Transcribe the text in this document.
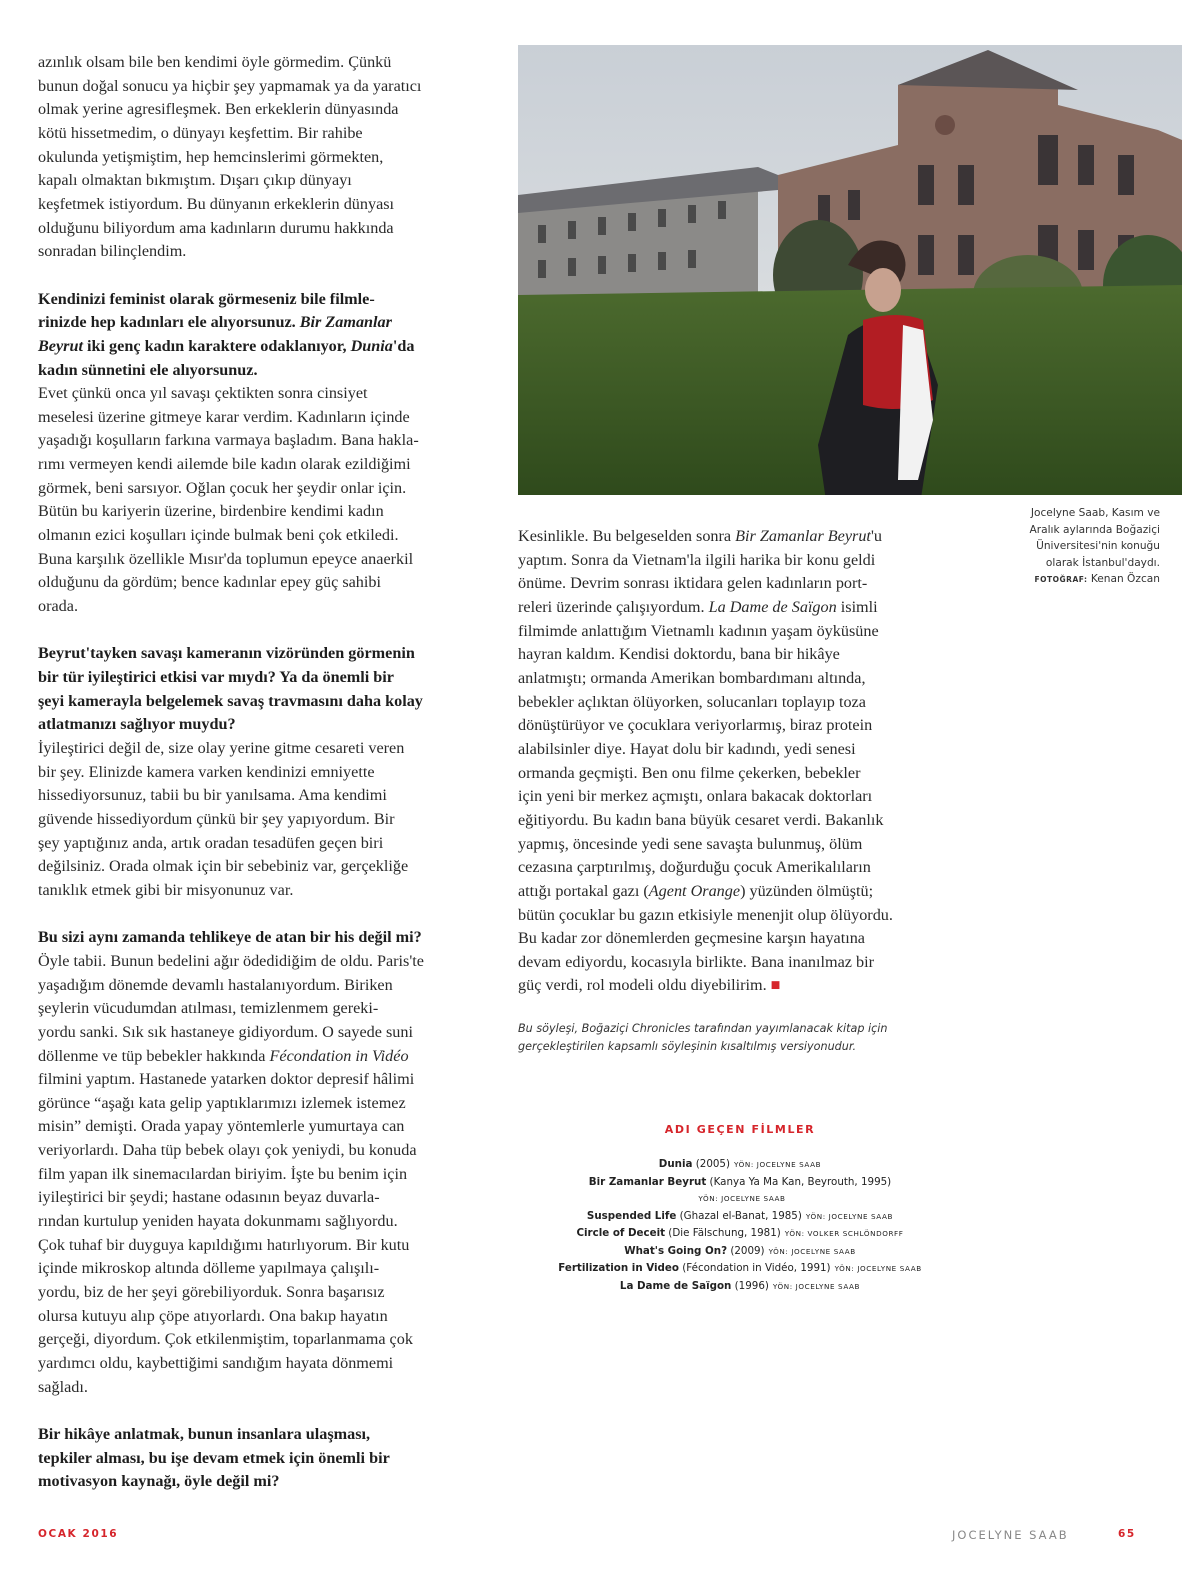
azınlık olsam bile ben kendimi öyle görmedim. Çünkü
bunun doğal sonucu ya hiçbir şey yapmamak ya da yaratıcı
olmak yerine agresifleşmek. Ben erkeklerin dünyasında
kötü hissetmedim, o dünyayı keşfettim. Bir rahibe
okulunda yetişmiştim, hep hemcinslerimi görmekten,
kapalı olmaktan bıkmıştım. Dışarı çıkıp dünyayı
keşfetmek istiyordum. Bu dünyanın erkeklerin dünyası
olduğunu biliyordum ama kadınların durumu hakkında
sonradan bilinçlendim.
Kendinizi feminist olarak görmeseniz bile filmle-
rinizde hep kadınları ele alıyorsunuz. Bir Zamanlar
Beyrut iki genç kadın karaktere odaklanıyor, Dunia'da
kadın sünnetini ele alıyorsunuz.
Evet çünkü onca yıl savaşı çektikten sonra cinsiyet
meselesi üzerine gitmeye karar verdim. Kadınların içinde
yaşadığı koşulların farkına varmaya başladım. Bana hakla-
rımı vermeyen kendi ailemde bile kadın olarak ezildiğimi
görmek, beni sarsıyor. Oğlan çocuk her şeydir onlar için.
Bütün bu kariyerin üzerine, birdenbire kendimi kadın
olmanın ezici koşulları içinde bulmak beni çok etkiledi.
Buna karşılık özellikle Mısır'da toplumun epeyce anaerkil
olduğunu da gördüm; bence kadınlar epey güç sahibi
orada.
Beyrut'tayken savaşı kameranın vizöründen görmenin
bir tür iyileştirici etkisi var mıydı? Ya da önemli bir
şeyi kamerayla belgelemek savaş travmasını daha kolay
atlatmanızı sağlıyor muydu?
İyileştirici değil de, size olay yerine gitme cesareti veren
bir şey. Elinizde kamera varken kendinizi emniyette
hissediyorsunuz, tabii bu bir yanılsama. Ama kendimi
güvende hissediyordum çünkü bir şey yapıyordum. Bir
şey yaptığınız anda, artık oradan tesadüfen geçen biri
değilsiniz. Orada olmak için bir sebebiniz var, gerçekliğe
tanıklık etmek gibi bir misyonunuz var.
Bu sizi aynı zamanda tehlikeye de atan bir his değil mi?
Öyle tabii. Bunun bedelini ağır ödedidiğim de oldu. Paris'te
yaşadığım dönemde devamlı hastalanıyordum. Biriken
şeylerin vücudumdan atılması, temizlenmem gereki-
yordu sanki. Sık sık hastaneye gidiyordum. O sayede suni
döllenme ve tüp bebekler hakkında Fécondation in Vidéo
filmini yaptım. Hastanede yatarken doktor depresif hâlimi
görünce “aşağı kata gelip yaptıklarımızı izlemek istemez
misin” demişti. Orada yapay yöntemlerle yumurtaya can
veriyorlardı. Daha tüp bebek olayı çok yeniydi, bu konuda
film yapan ilk sinemacılardan biriyim. İşte bu benim için
iyileştirici bir şeydi; hastane odasının beyaz duvarla-
rından kurtulup yeniden hayata dokunmamı sağlıyordu.
Çok tuhaf bir duyguya kapıldığımı hatırlıyorum. Bir kutu
içinde mikroskop altında dölleme yapılmaya çalışılı-
yordu, biz de her şeyi görebiliyorduk. Sonra başarısız
olursa kutuyu alıp çöpe atıyorlardı. Ona bakıp hayatın
gerçeği, diyordum. Çok etkilenmiştim, toparlanmama çok
yardımcı oldu, kaybettiğimi sandığım hayata dönmemi
sağladı.
Bir hikâye anlatmak, bunun insanlara ulaşması,
tepkiler alması, bu işe devam etmek için önemli bir
motivasyon kaynağı, öyle değil mi?
Jocelyne Saab, Kasım ve
Aralık aylarında Boğaziçi
Üniversitesi'nin konuğu
olarak İstanbul'daydı.
FOTOĞRAF: Kenan Özcan
Kesinlikle. Bu belgeselden sonra Bir Zamanlar Beyrut'u
yaptım. Sonra da Vietnam'la ilgili harika bir konu geldi
önüme. Devrim sonrası iktidara gelen kadınların port-
releri üzerinde çalışıyordum. La Dame de Saïgon isimli
filmimde anlattığım Vietnamlı kadının yaşam öyküsüne
hayran kaldım. Kendisi doktordu, bana bir hikâye
anlatmıştı; ormanda Amerikan bombardımanı altında,
bebekler açlıktan ölüyorken, solucanları toplayıp toza
dönüştürüyor ve çocuklara veriyorlarmış, biraz protein
alabilsinler diye. Hayat dolu bir kadındı, yedi senesi
ormanda geçmişti. Ben onu filme çekerken, bebekler
için yeni bir merkez açmıştı, onlara bakacak doktorları
eğitiyordu. Bu kadın bana büyük cesaret verdi. Bakanlık
yapmış, öncesinde yedi sene savaşta bulunmuş, ölüm
cezasına çarptırılmış, doğurduğu çocuk Amerikalıların
attığı portakal gazı (Agent Orange) yüzünden ölmüştü;
bütün çocuklar bu gazın etkisiyle menenjit olup ölüyordu.
Bu kadar zor dönemlerden geçmesine karşın hayatına
devam ediyordu, kocasıyla birlikte. Bana inanılmaz bir
güç verdi, rol modeli oldu diyebilirim. ■
Bu söyleşi, Boğaziçi Chronicles tarafından yayımlanacak kitap için
gerçekleştirilen kapsamlı söyleşinin kısaltılmış versiyonudur.
ADI GEÇEN FİLMLER
Dunia (2005) YÖN: JOCELYNE SAAB
Bir Zamanlar Beyrut (Kanya Ya Ma Kan, Beyrouth, 1995)
YÖN: JOCELYNE SAAB
Suspended Life (Ghazal el-Banat, 1985) YÖN: JOCELYNE SAAB
Circle of Deceit (Die Fälschung, 1981) YÖN: VOLKER SCHLÖNDORFF
What's Going On? (2009) YÖN: JOCELYNE SAAB
Fertilization in Video (Fécondation in Vidéo, 1991) YÖN: JOCELYNE SAAB
La Dame de Saïgon (1996) YÖN: JOCELYNE SAAB
OCAK 2016	JOCELYNE SAAB	65
